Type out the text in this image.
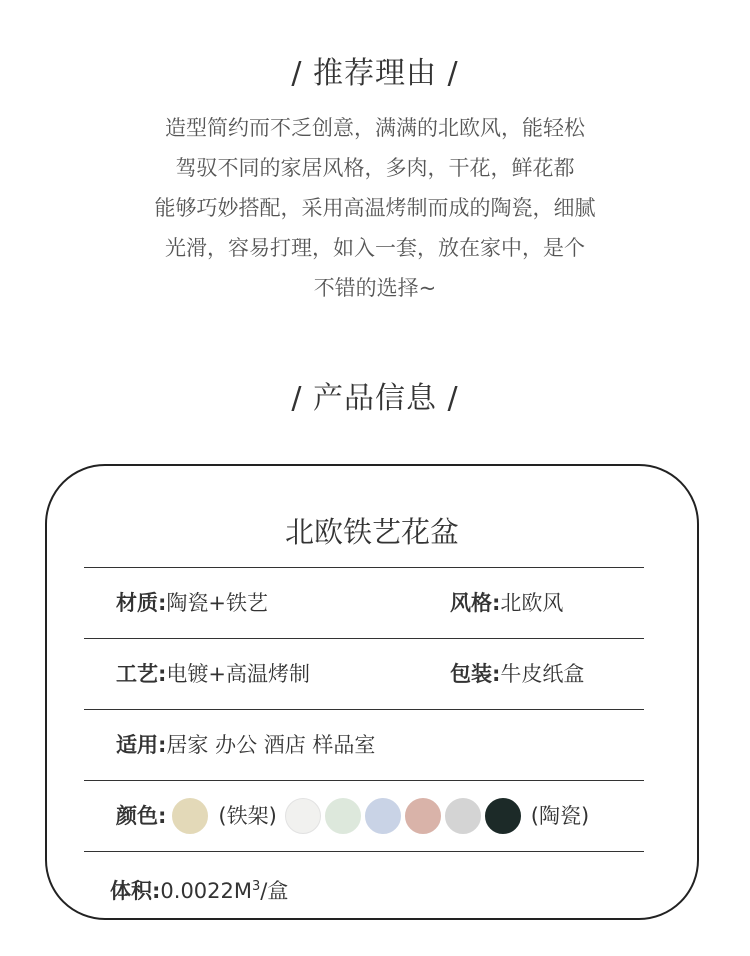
/ 推荐理由 /
造型简约而不乏创意，满满的北欧风，能轻松
驾驭不同的家居风格，多肉，干花，鲜花都
能够巧妙搭配，采用高温烤制而成的陶瓷，细腻
光滑，容易打理，如入一套，放在家中，是个
不错的选择~
/ 产品信息 /
北欧铁艺花盆
材质:陶瓷+铁艺	风格:北欧风
工艺:电镀+高温烤制	包装:牛皮纸盒
适用:居家 办公 酒店 样品室
颜色: (铁架)	(陶瓷)
体积$:0.0022M^3/$盒
